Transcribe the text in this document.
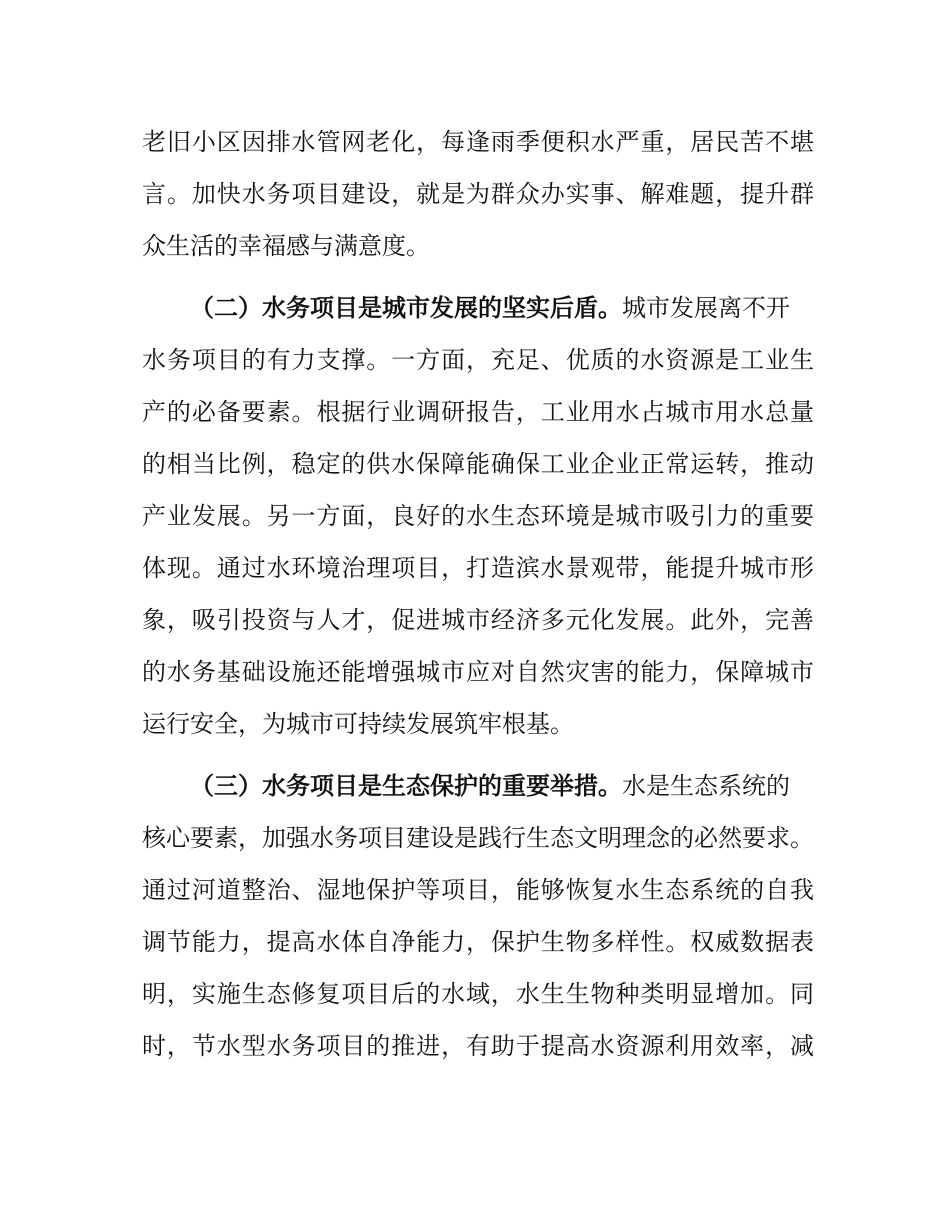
老旧小区因排水管网老化，每逢雨季便积水严重，居民苦不堪
言。加快水务项目建设，就是为群众办实事、解难题，提升群
众生活的幸福感与满意度。
（二）水务项目是城市发展的坚实后盾。城市发展离不开
水务项目的有力支撑。一方面，充足、优质的水资源是工业生
产的必备要素。根据行业调研报告，工业用水占城市用水总量
的相当比例，稳定的供水保障能确保工业企业正常运转，推动
产业发展。另一方面，良好的水生态环境是城市吸引力的重要
体现。通过水环境治理项目，打造滨水景观带，能提升城市形
象，吸引投资与人才，促进城市经济多元化发展。此外，完善
的水务基础设施还能增强城市应对自然灾害的能力，保障城市
运行安全，为城市可持续发展筑牢根基。
（三）水务项目是生态保护的重要举措。水是生态系统的
核心要素，加强水务项目建设是践行生态文明理念的必然要求。
通过河道整治、湿地保护等项目，能够恢复水生态系统的自我
调节能力，提高水体自净能力，保护生物多样性。权威数据表
明，实施生态修复项目后的水域，水生生物种类明显增加。同
时，节水型水务项目的推进，有助于提高水资源利用效率，减
